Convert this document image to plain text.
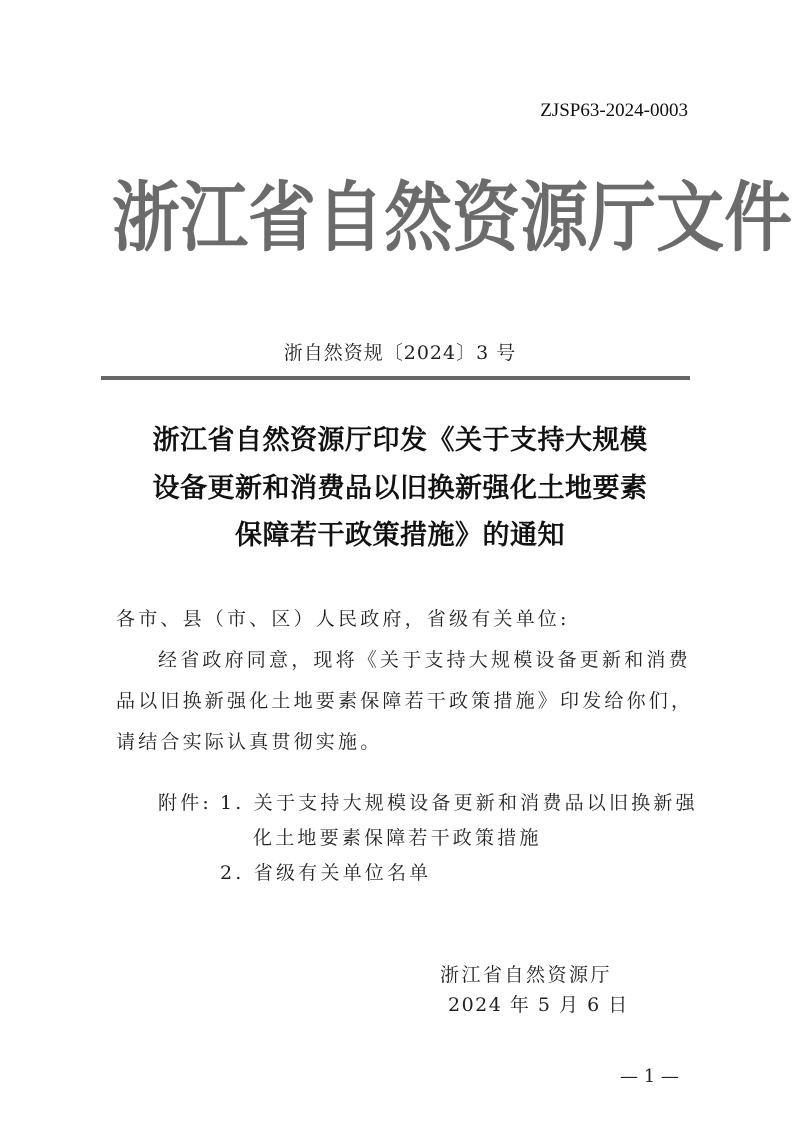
ZJSP63-2024-0003
浙 江 省 自 然 资 源 厅 文 件
浙自然资规〔2024〕3 号
浙江省自然资源厅印发《关于支持大规模
设备更新和消费品以旧换新强化土地要素
保障若干政策措施》的通知
各市、县（市、区）人民政府，省级有关单位:
经省政府同意，现将《关于支持大规模设备更新和消费
品以旧换新强化土地要素保障若干政策措施》印发给你们，
请结合实际认真贯彻实施。
附件: 1. 关于支持大规模设备更新和消费品以旧换新强
化土地要素保障若干政策措施
2. 省级有关单位名单
浙江省自然资源厅
2024 年 5 月 6 日
— 1 —
